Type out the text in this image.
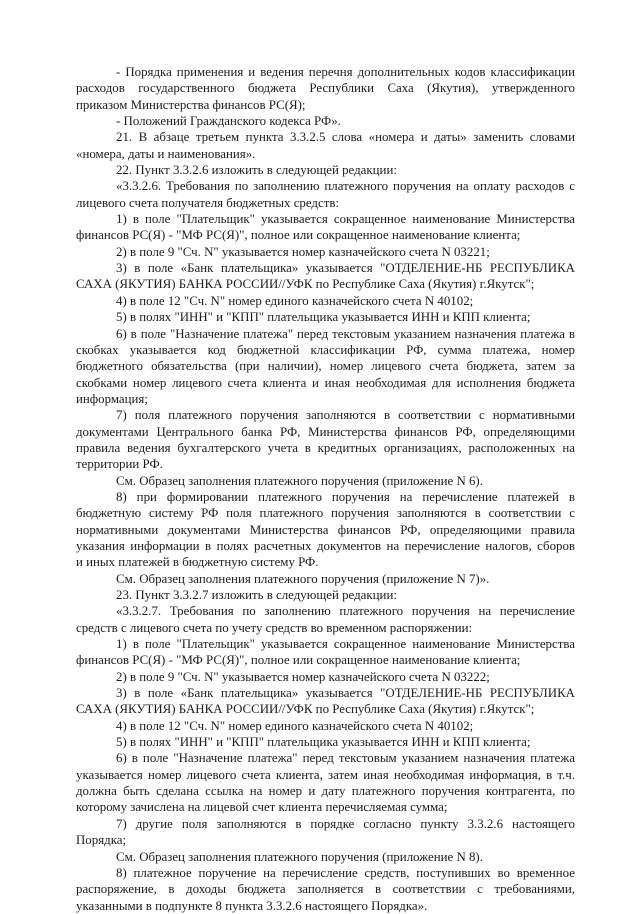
- Порядка применения и ведения перечня дополнительных кодов классификации
расходов государственного бюджета Республики Саха (Якутия), утвержденного
приказом Министерства финансов РС(Я);
- Положений Гражданского кодекса РФ».
21. В абзаце третьем пункта 3.3.2.5 слова «номера и даты» заменить словами
«номера, даты и наименования».
22. Пункт 3.3.2.6 изложить в следующей редакции:
«3.3.2.6. Требования по заполнению платежного поручения на оплату расходов с
лицевого счета получателя бюджетных средств:
1) в поле "Плательщик" указывается сокращенное наименование Министерства
финансов РС(Я) - "МФ РС(Я)", полное или сокращенное наименование клиента;
2) в поле 9 "Сч. N" указывается номер казначейского счета N 03221;
3) в поле «Банк плательщика» указывается "ОТДЕЛЕНИЕ-НБ РЕСПУБЛИКА
САХА (ЯКУТИЯ) БАНКА РОССИИ//УФК по Республике Саха (Якутия) г.Якутск";
4) в поле 12 "Сч. N" номер единого казначейского счета N 40102;
5) в полях "ИНН" и "КПП" плательщика указывается ИНН и КПП клиента;
6) в поле "Назначение платежа" перед текстовым указанием назначения платежа в
скобках указывается код бюджетной классификации РФ, сумма платежа, номер
бюджетного обязательства (при наличии), номер лицевого счета бюджета, затем за
скобками номер лицевого счета клиента и иная необходимая для исполнения бюджета
информация;
7) поля платежного поручения заполняются в соответствии с нормативными
документами Центрального банка РФ, Министерства финансов РФ, определяющими
правила ведения бухгалтерского учета в кредитных организациях, расположенных на
территории РФ.
См. Образец заполнения платежного поручения (приложение N 6).
8) при формировании платежного поручения на перечисление платежей в
бюджетную систему РФ поля платежного поручения заполняются в соответствии с
нормативными документами Министерства финансов РФ, определяющими правила
указания информации в полях расчетных документов на перечисление налогов, сборов
и иных платежей в бюджетную систему РФ.
См. Образец заполнения платежного поручения (приложение N 7)».
23. Пункт 3.3.2.7 изложить в следующей редакции:
«3.3.2.7. Требования по заполнению платежного поручения на перечисление
средств с лицевого счета по учету средств во временном распоряжении:
1) в поле "Плательщик" указывается сокращенное наименование Министерства
финансов РС(Я) - "МФ РС(Я)", полное или сокращенное наименование клиента;
2) в поле 9 "Сч. N" указывается номер казначейского счета N 03222;
3) в поле «Банк плательщика» указывается "ОТДЕЛЕНИЕ-НБ РЕСПУБЛИКА
САХА (ЯКУТИЯ) БАНКА РОССИИ//УФК по Республике Саха (Якутия) г.Якутск";
4) в поле 12 "Сч. N" номер единого казначейского счета N 40102;
5) в полях "ИНН" и "КПП" плательщика указывается ИНН и КПП клиента;
6) в поле "Назначение платежа" перед текстовым указанием назначения платежа
указывается номер лицевого счета клиента, затем иная необходимая информация, в т.ч.
должна быть сделана ссылка на номер и дату платежного поручения контрагента, по
которому зачислена на лицевой счет клиента перечисляемая сумма;
7) другие поля заполняются в порядке согласно пункту 3.3.2.6 настоящего
Порядка;
См. Образец заполнения платежного поручения (приложение N 8).
8) платежное поручение на перечисление средств, поступивших во временное
распоряжение, в доходы бюджета заполняется в соответствии с требованиями,
указанными в подпункте 8 пункта 3.3.2.6 настоящего Порядка».
